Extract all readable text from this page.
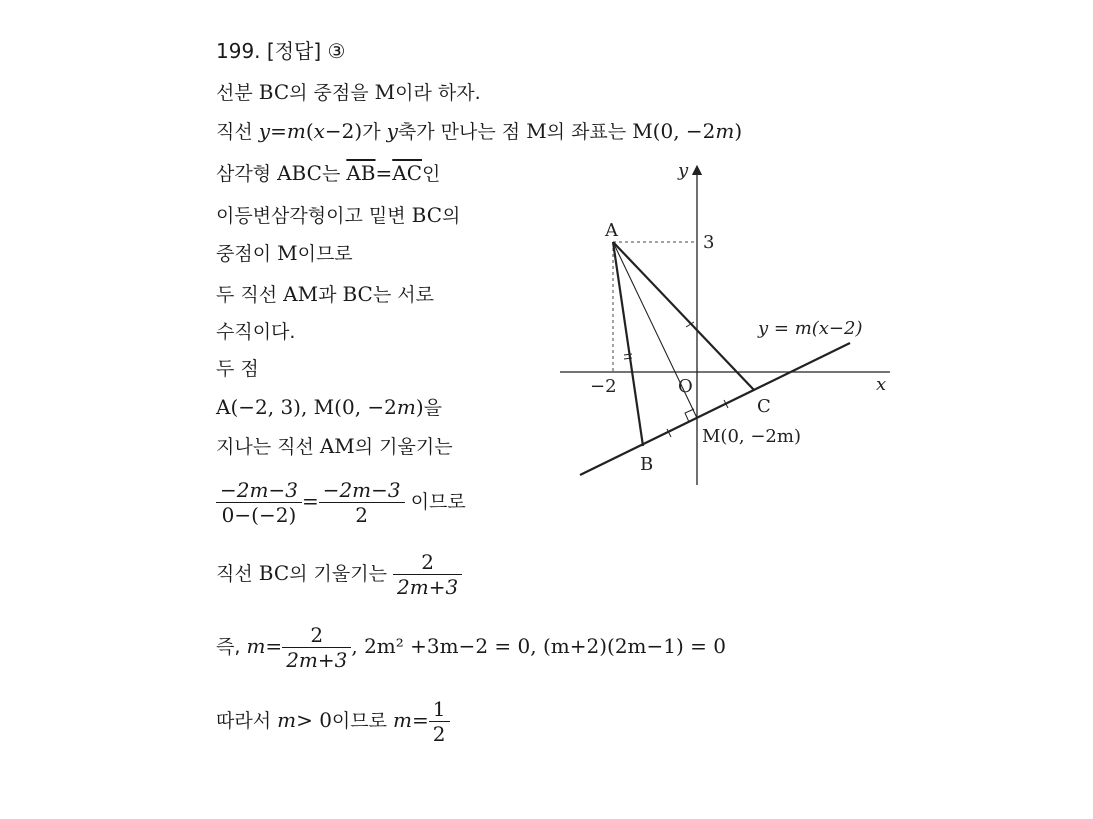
199. [정답] ③
선분 BC의 중점을 M이라 하자.
직선 y=m(x−2)가 y축가 만나는 점 M의 좌표는 M(0, −2m)
삼각형 ABC는 $\overline{AB}=\overline{AC}$인
이등변삼각형이고 밑변 BC의
중점이 M이므로
두 직선 AM과 BC는 서로
수직이다.
두 점
A(−2, 3), M(0, −2m)을
지나는 직선 AM의 기울기는
$\frac{-2m-3}{0-(-2)} = \frac{-2m-3}{2}$ 이므로
직선 BC의 기울기는 $\frac{2}{2m+3}$
즉, $m= \frac{2}{2m+3}$ , 2m² +3m−2 = 0, (m+2)(2m−1) = 0
따라서 m> 0이므로 $m= \frac{1}{2}$
y
x
O
A
B
C
M(0, −2m)
3
−2
y = m(x−2)
